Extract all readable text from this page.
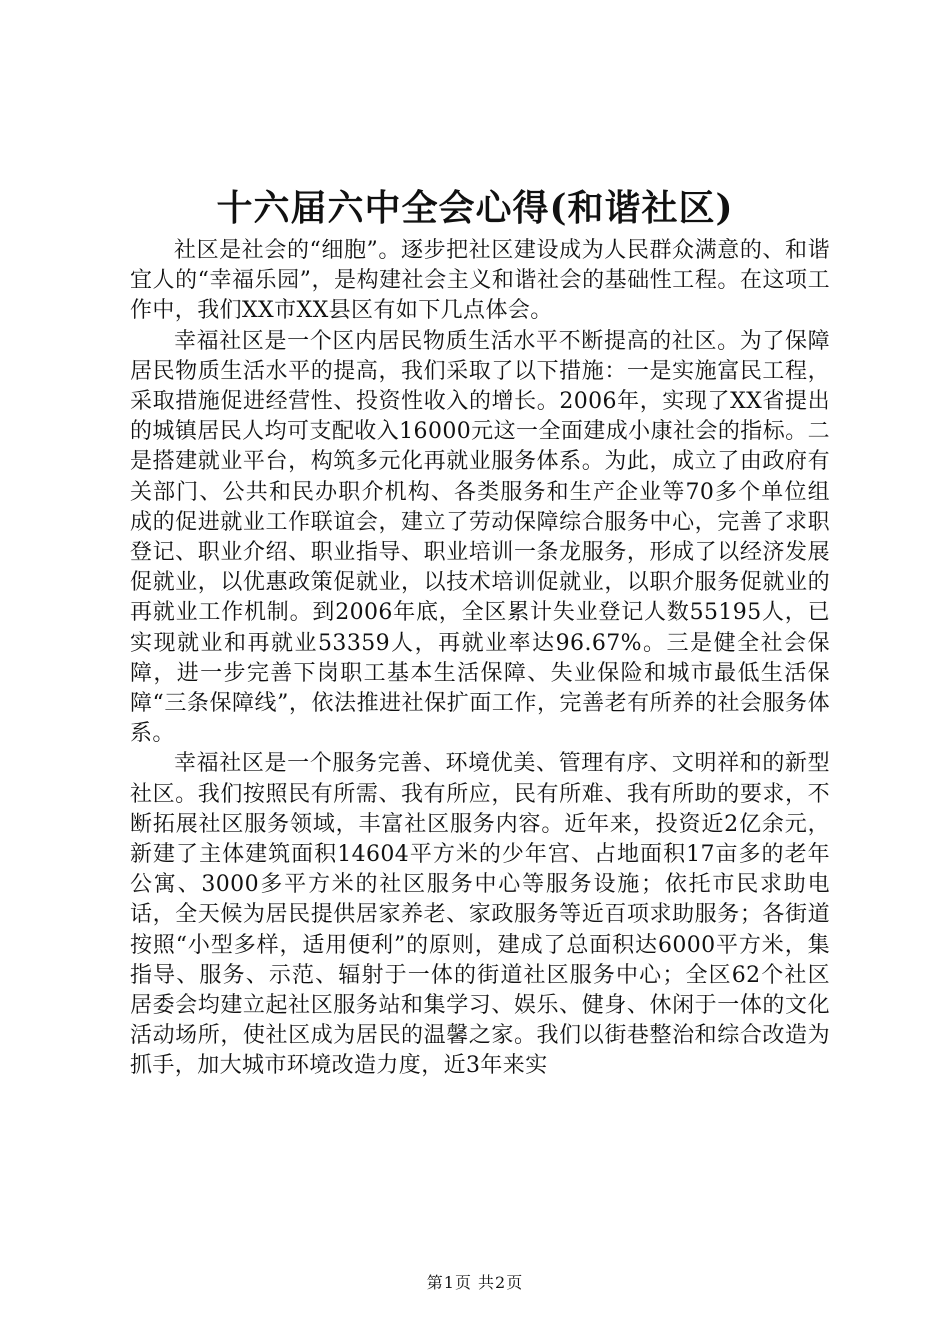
十六届六中全会心得(和谐社区)

社区是社会的“细胞”。逐步把社区建设成为人民群众满意的、和谐宜人的“幸福乐园”，是构建社会主义和谐社会的基础性工程。在这项工作中，我们XX市XX县区有如下几点体会。

幸福社区是一个区内居民物质生活水平不断提高的社区。为了保障居民物质生活水平的提高，我们采取了以下措施：一是实施富民工程，采取措施促进经营性、投资性收入的增长。2006年，实现了XX省提出的城镇居民人均可支配收入16000元这一全面建成小康社会的指标。二是搭建就业平台，构筑多元化再就业服务体系。为此，成立了由政府有关部门、公共和民办职介机构、各类服务和生产企业等70多个单位组成的促进就业工作联谊会，建立了劳动保障综合服务中心，完善了求职登记、职业介绍、职业指导、职业培训一条龙服务，形成了以经济发展促就业，以优惠政策促就业，以技术培训促就业，以职介服务促就业的再就业工作机制。到2006年底，全区累计失业登记人数55195人，已实现就业和再就业53359人，再就业率达96.67%。三是健全社会保障，进一步完善下岗职工基本生活保障、失业保险和城市最低生活保障“三条保障线”，依法推进社保扩面工作，完善老有所养的社会服务体系。

幸福社区是一个服务完善、环境优美、管理有序、文明祥和的新型社区。我们按照民有所需、我有所应，民有所难、我有所助的要求，不断拓展社区服务领域，丰富社区服务内容。近年来，投资近2亿余元，新建了主体建筑面积14604平方米的少年宫、占地面积17亩多的老年公寓、3000多平方米的社区服务中心等服务设施；依托市民求助电话，全天候为居民提供居家养老、家政服务等近百项求助服务；各街道按照“小型多样，适用便利”的原则，建成了总面积达6000平方米，集指导、服务、示范、辐射于一体的街道社区服务中心；全区62个社区居委会均建立起社区服务站和集学习、娱乐、健身、休闲于一体的文化活动场所，使社区成为居民的温馨之家。我们以街巷整治和综合改造为抓手，加大城市环境改造力度，近3年来实

第1页 共2页
